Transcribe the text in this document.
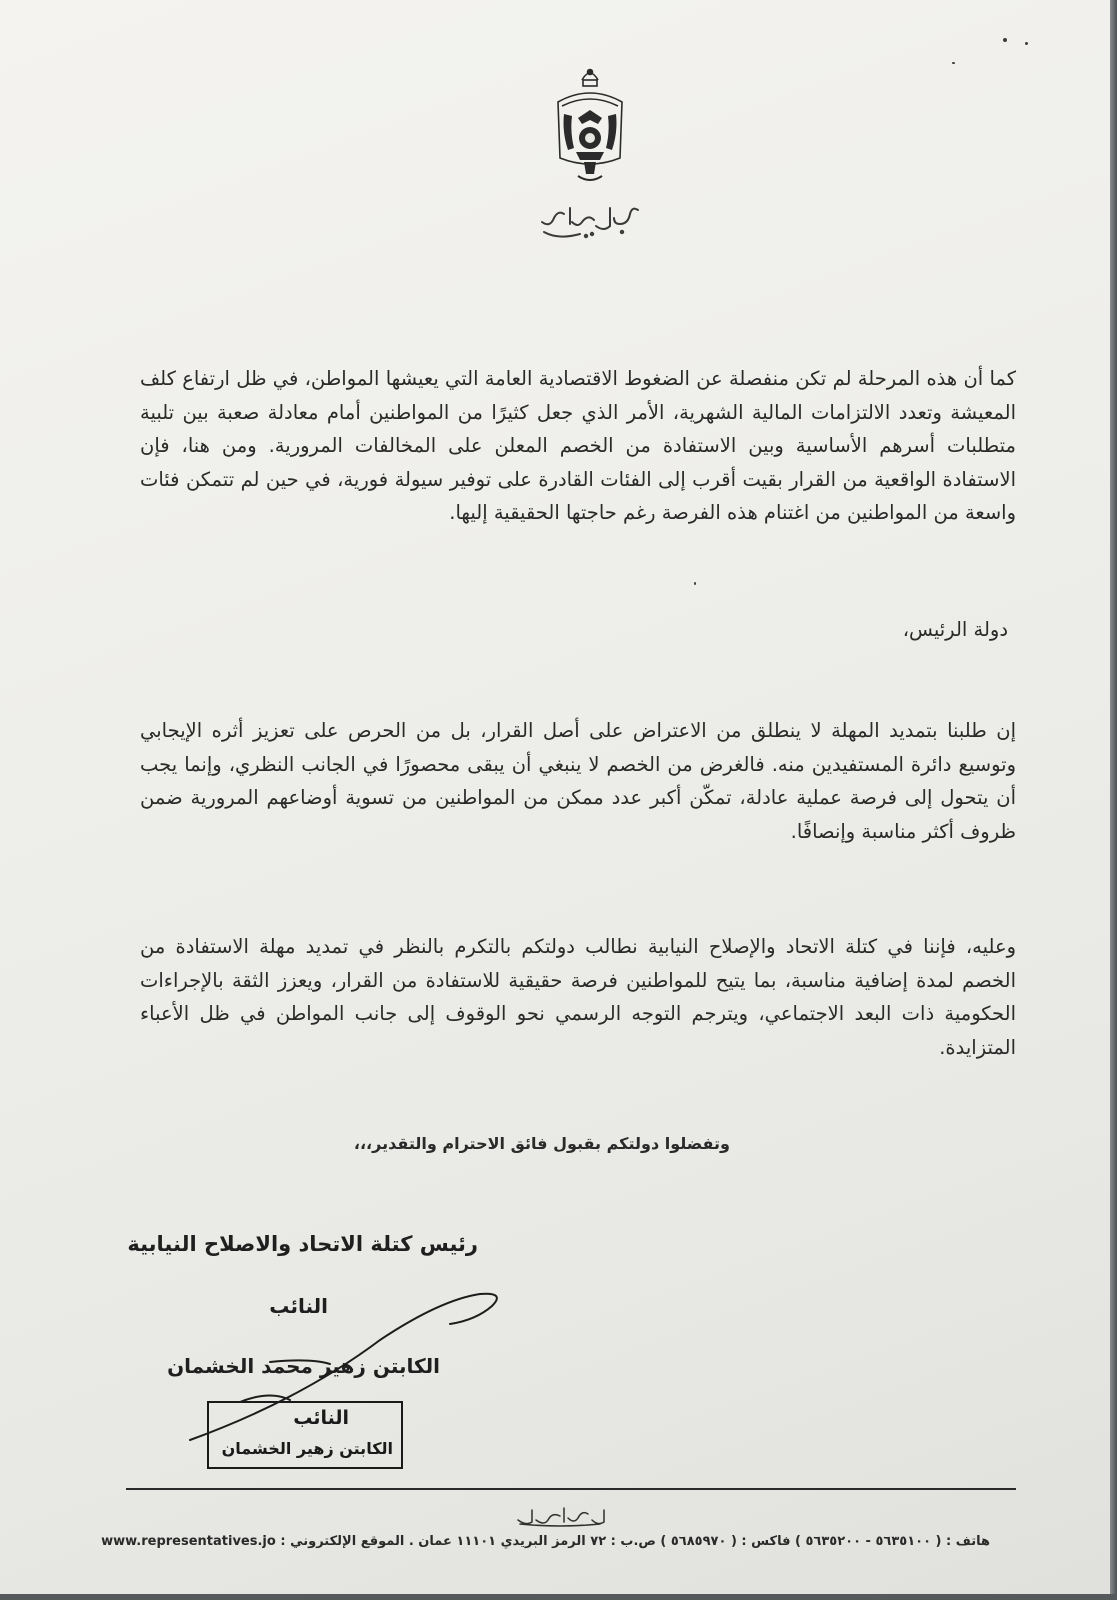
كما أن هذه المرحلة لم تكن منفصلة عن الضغوط الاقتصادية العامة التي يعيشها المواطن، في ظل ارتفاع كلف المعيشة وتعدد الالتزامات المالية الشهرية، الأمر الذي جعل كثيرًا من المواطنين أمام معادلة صعبة بين تلبية متطلبات أسرهم الأساسية وبين الاستفادة من الخصم المعلن على المخالفات المرورية. ومن هنا، فإن الاستفادة الواقعية من القرار بقيت أقرب إلى الفئات القادرة على توفير سيولة فورية، في حين لم تتمكن فئات واسعة من المواطنين من اغتنام هذه الفرصة رغم حاجتها الحقيقية إليها.

دولة الرئيس،

إن طلبنا بتمديد المهلة لا ينطلق من الاعتراض على أصل القرار، بل من الحرص على تعزيز أثره الإيجابي وتوسيع دائرة المستفيدين منه. فالغرض من الخصم لا ينبغي أن يبقى محصورًا في الجانب النظري، وإنما يجب أن يتحول إلى فرصة عملية عادلة، تمكّن أكبر عدد ممكن من المواطنين من تسوية أوضاعهم المرورية ضمن ظروف أكثر مناسبة وإنصافًا.

وعليه، فإننا في كتلة الاتحاد والإصلاح النيابية نطالب دولتكم بالتكرم بالنظر في تمديد مهلة الاستفادة من الخصم لمدة إضافية مناسبة، بما يتيح للمواطنين فرصة حقيقية للاستفادة من القرار، ويعزز الثقة بالإجراءات الحكومية ذات البعد الاجتماعي، ويترجم التوجه الرسمي نحو الوقوف إلى جانب المواطن في ظل الأعباء المتزايدة.

وتفضلوا دولتكم بقبول فائق الاحترام والتقدير،،،

رئيس كتلة الاتحاد والاصلاح النيابية

النائب

الكابتن زهير محمد الخشمان

النائب

الكابتن زهير الخشمان

هاتف : ( ٥٦٣٥١٠٠ - ٥٦٣٥٢٠٠ ) فاكس : ( ٥٦٨٥٩٧٠ ) ص.ب : ٧٢ الرمز البريدي ١١١٠١ عمان . الموقع الإلكتروني : www.representatives.jo
